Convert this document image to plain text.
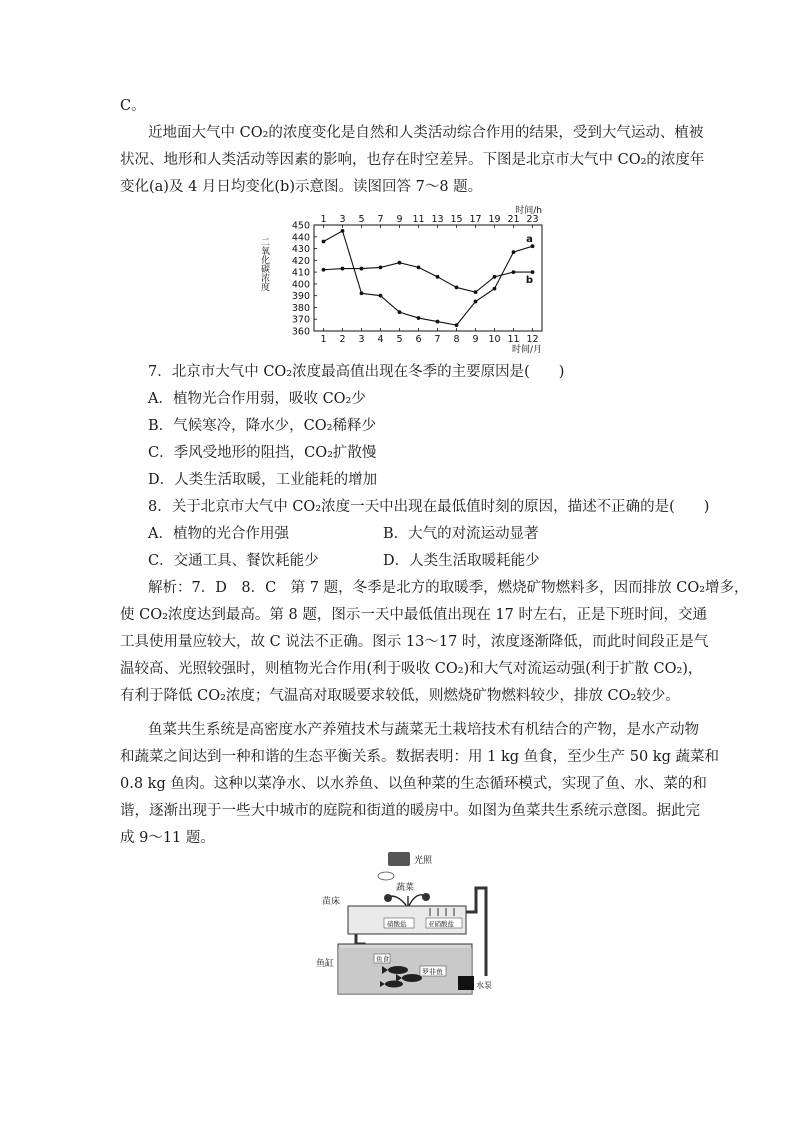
C。
近地面大气中 CO₂的浓度变化是自然和人类活动综合作用的结果，受到大气运动、植被
状况、地形和人类活动等因素的影响，也存在时空差异。下图是北京市大气中 CO₂的浓度年
变化(a)及 4 月日均变化(b)示意图。读图回答 7～8 题。
360
370
380
390
400
410
420
430
440
450
1 2 3 4 5 6 7 8 9 10 11 12
1 3 5 7 9 11 13 15 17 19 21 23
时间/h
时间/月
二氧化碳浓度	a
b
7．北京市大气中 CO₂浓度最高值出现在冬季的主要原因是(　　)
A．植物光合作用弱，吸收 CO₂少
B．气候寒冷，降水少，CO₂稀释少
C．季风受地形的阻挡，CO₂扩散慢
D．人类生活取暖，工业能耗的增加
8．关于北京市大气中 CO₂浓度一天中出现在最低值时刻的原因，描述不正确的是(　　)
A．植物的光合作用强	B．大气的对流运动显著
C．交通工具、餐饮耗能少	D．人类生活取暖耗能少
解析：7．D　8．C　第 7 题，冬季是北方的取暖季，燃烧矿物燃料多，因而排放 CO₂增多，
使 CO₂浓度达到最高。第 8 题，图示一天中最低值出现在 17 时左右，正是下班时间，交通
工具使用量应较大，故 C 说法不正确。图示 13～17 时，浓度逐渐降低，而此时间段正是气
温较高、光照较强时，则植物光合作用(利于吸收 CO₂)和大气对流运动强(利于扩散 CO₂)，
有利于降低 CO₂浓度；气温高对取暖要求较低，则燃烧矿物燃料较少，排放 CO₂较少。
鱼菜共生系统是高密度水产养殖技术与蔬菜无土栽培技术有机结合的产物，是水产动物
和蔬菜之间达到一种和谐的生态平衡关系。数据表明：用 1 kg 鱼食，至少生产 50 kg 蔬菜和
0.8 kg 鱼肉。这种以菜净水、以水养鱼、以鱼种菜的生态循环模式，实现了鱼、水、菜的和
谐，逐渐出现于一些大中城市的庭院和街道的暖房中。如图为鱼菜共生系统示意图。据此完
成 9～11 题。
光照
蔬菜
苗床
硝酸盐	亚硝酸盐
鱼缸	鱼食
罗非鱼
水泵
